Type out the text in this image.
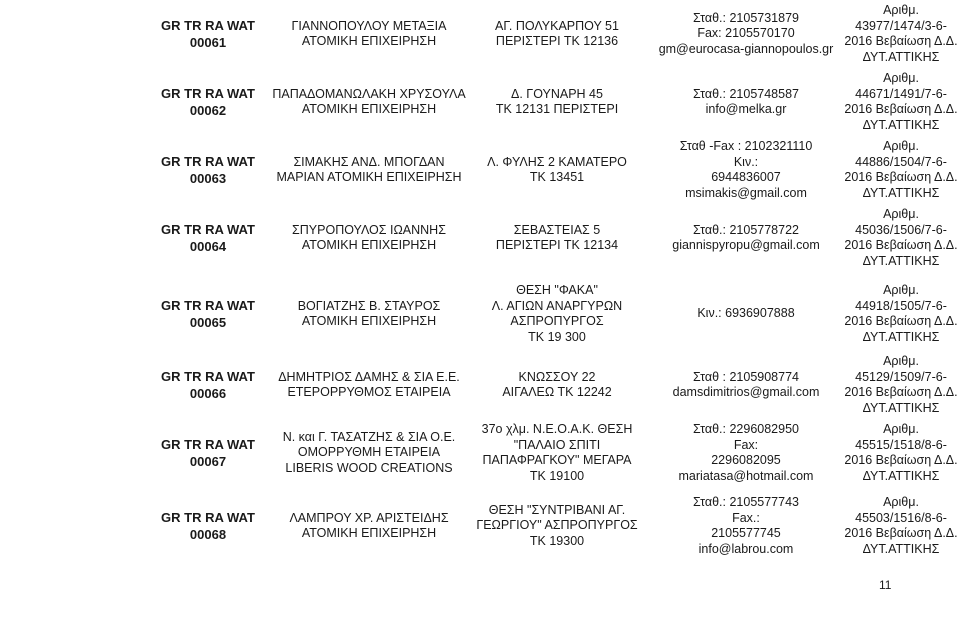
GR TR RA WAT
00061
ΓΙΑΝΝΟΠΟΥΛΟΥ ΜΕΤΑΞΙΑ
ΑΤΟΜΙΚΗ ΕΠΙΧΕΙΡΗΣΗ
ΑΓ. ΠΟΛΥΚΑΡΠΟΥ 51
ΠΕΡΙΣΤΕΡΙ ΤΚ 12136
Σταθ.: 2105731879
Fax: 2105570170
gm@eurocasa-giannopoulos.gr
Αριθμ.
43977/1474/3-6-
2016 Βεβαίωση Δ.Δ.
ΔΥΤ.ΑΤΤΙΚΗΣ
GR TR RA WAT
00062
ΠΑΠΑΔΟΜΑΝΩΛΑΚΗ ΧΡΥΣΟΥΛΑ
ΑΤΟΜΙΚΗ ΕΠΙΧΕΙΡΗΣΗ
Δ. ΓΟΥΝΑΡΗ 45
ΤΚ 12131 ΠΕΡΙΣΤΕΡΙ
Σταθ.: 2105748587
info@melka.gr
Αριθμ.
44671/1491/7-6-
2016 Βεβαίωση Δ.Δ.
ΔΥΤ.ΑΤΤΙΚΗΣ
GR TR RA WAT
00063
ΣΙΜΑΚΗΣ ΑΝΔ. ΜΠΟΓΔΑΝ
ΜΑΡΙΑΝ ΑΤΟΜΙΚΗ ΕΠΙΧΕΙΡΗΣΗ
Λ. ΦΥΛΗΣ 2 ΚΑΜΑΤΕΡΟ
ΤΚ 13451
Σταθ -Fax : 2102321110
Κιν.:
6944836007
msimakis@gmail.com
Αριθμ.
44886/1504/7-6-
2016 Βεβαίωση Δ.Δ.
ΔΥΤ.ΑΤΤΙΚΗΣ
GR TR RA WAT
00064
ΣΠΥΡΟΠΟΥΛΟΣ ΙΩΑΝΝΗΣ
ΑΤΟΜΙΚΗ ΕΠΙΧΕΙΡΗΣΗ
ΣΕΒΑΣΤΕΙΑΣ 5
ΠΕΡΙΣΤΕΡΙ ΤΚ 12134
Σταθ.: 2105778722
giannispyropu@gmail.com
Αριθμ.
45036/1506/7-6-
2016 Βεβαίωση Δ.Δ.
ΔΥΤ.ΑΤΤΙΚΗΣ
GR TR RA WAT
00065
ΒΟΓΙΑΤΖΗΣ Β. ΣΤΑΥΡΟΣ
ΑΤΟΜΙΚΗ ΕΠΙΧΕΙΡΗΣΗ
ΘΕΣΗ "ΦΑΚΑ"
Λ. ΑΓΙΩΝ ΑΝΑΡΓΥΡΩΝ
ΑΣΠΡΟΠΥΡΓΟΣ
ΤΚ 19 300
Κιν.: 6936907888
Αριθμ.
44918/1505/7-6-
2016 Βεβαίωση Δ.Δ.
ΔΥΤ.ΑΤΤΙΚΗΣ
GR TR RA WAT
00066
ΔΗΜΗΤΡΙΟΣ ΔΑΜΗΣ & ΣΙΑ Ε.Ε.
ΕΤΕΡΟΡΡΥΘΜΟΣ ΕΤΑΙΡΕΙΑ
ΚΝΩΣΣΟΥ 22
ΑΙΓΑΛΕΩ ΤΚ 12242
Σταθ : 2105908774
damsdimitrios@gmail.com
Αριθμ.
45129/1509/7-6-
2016 Βεβαίωση Δ.Δ.
ΔΥΤ.ΑΤΤΙΚΗΣ
GR TR RA WAT
00067
Ν. και Γ. ΤΑΣΑΤΖΗΣ & ΣΙΑ Ο.Ε.
ΟΜΟΡΡΥΘΜΗ ΕΤΑΙΡΕΙΑ
LIBERIS WOOD CREATIONS
37ο χλμ. Ν.Ε.Ο.Α.Κ. ΘΕΣΗ
"ΠΑΛΑΙΟ ΣΠΙΤΙ
ΠΑΠΑΦΡΑΓΚΟΥ" ΜΕΓΑΡΑ
ΤΚ 19100
Σταθ.: 2296082950
Fax:
2296082095
mariatasa@hotmail.com
Αριθμ.
45515/1518/8-6-
2016 Βεβαίωση Δ.Δ.
ΔΥΤ.ΑΤΤΙΚΗΣ
GR TR RA WAT
00068
ΛΑΜΠΡΟΥ ΧΡ. ΑΡΙΣΤΕΙΔΗΣ
ΑΤΟΜΙΚΗ ΕΠΙΧΕΙΡΗΣΗ
ΘΕΣΗ "ΣΥΝΤΡΙΒΑΝΙ ΑΓ.
ΓΕΩΡΓΙΟΥ" ΑΣΠΡΟΠΥΡΓΟΣ
ΤΚ 19300
Σταθ.: 2105577743
Fax.:
2105577745
info@labrou.com
Αριθμ.
45503/1516/8-6-
2016 Βεβαίωση Δ.Δ.
ΔΥΤ.ΑΤΤΙΚΗΣ
11
